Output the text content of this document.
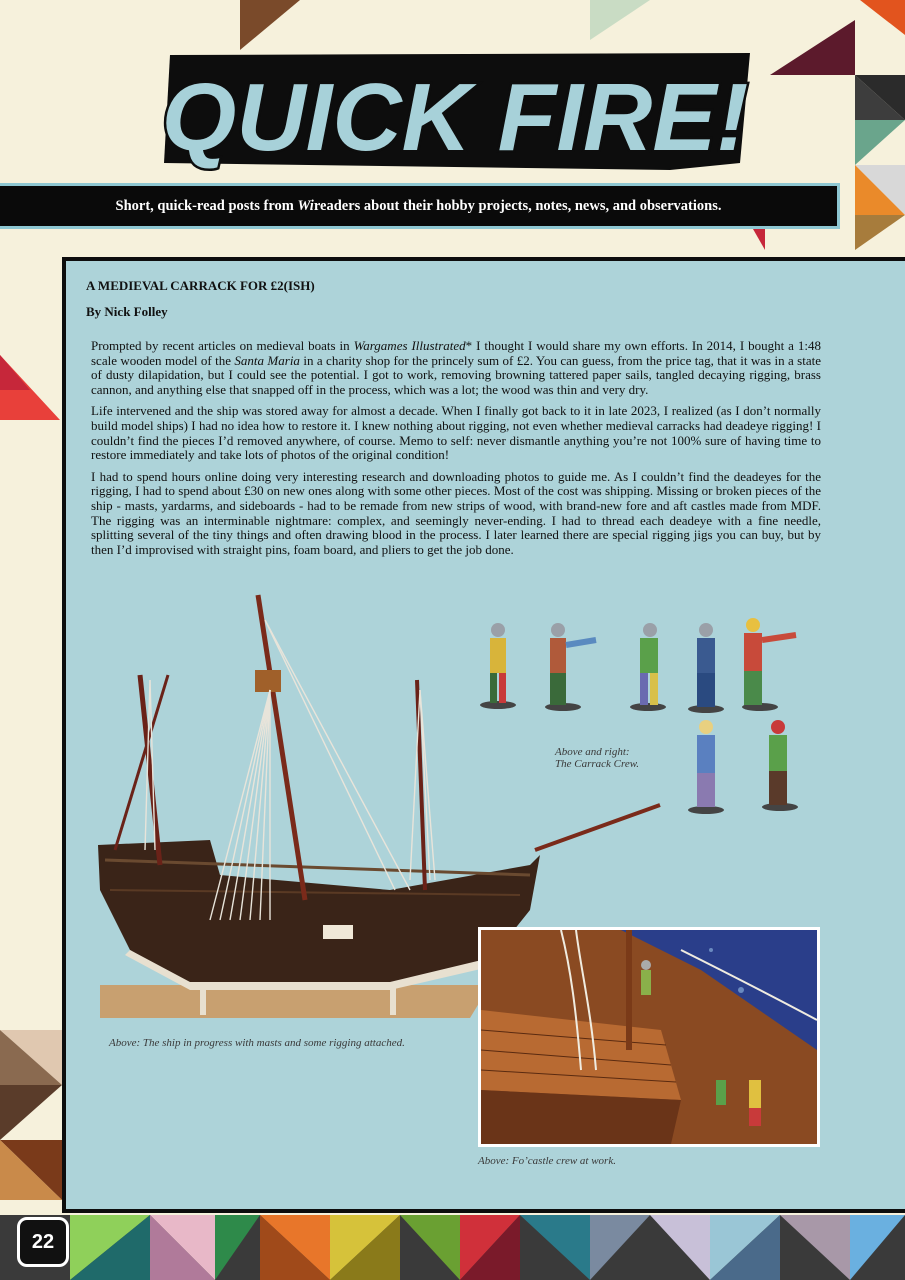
QUICK FIRE!
Short, quick-read posts from
Wi readers about their hobby projects, notes, news, and observations.
A MEDIEVAL CARRACK FOR £2(ISH)
By Nick Folley

Prompted by recent articles on medieval boats in Wargames Illustrated* I thought I would share my own efforts. In 2014, I bought a 1:48 scale wooden model of the Santa Maria in a charity shop for the princely sum of £2. You can guess, from the price tag, that it was in a state of dusty dilapidation, but I could see the potential. I got to work, removing browning tattered paper sails, tangled decaying rigging, brass cannon, and anything else that snapped off in the process, which was a lot; the wood was thin and very dry.

Life intervened and the ship was stored away for almost a decade. When I finally got back to it in late 2023, I realized (as I don’t normally build model ships) I had no idea how to restore it. I knew nothing about rigging, not even whether medieval carracks had deadeye rigging! I couldn’t find the pieces I’d removed anywhere, of course. Memo to self: never dismantle anything you’re not 100% sure of having time to restore immediately and take lots of photos of the original condition!

I had to spend hours online doing very interesting research and downloading photos to guide me. As I couldn’t find the deadeyes for the rigging, I had to spend about £30 on new ones along with some other pieces. Most of the cost was shipping. Missing or broken pieces of the ship - masts, yardarms, and sideboards - had to be remade from new strips of wood, with brand-new fore and aft castles made from MDF. The rigging was an interminable nightmare: complex, and seemingly never-ending. I had to thread each deadeye with a fine needle, splitting several of the tiny things and often drawing blood in the process. I later learned there are special rigging jigs you can buy, but by then I’d improvised with straight pins, foam board, and pliers to get the job done.

Above and right:
The Carrack Crew.
Above: The ship in progress with masts and some rigging attached.
Above: Fo’castle crew at work.
22
